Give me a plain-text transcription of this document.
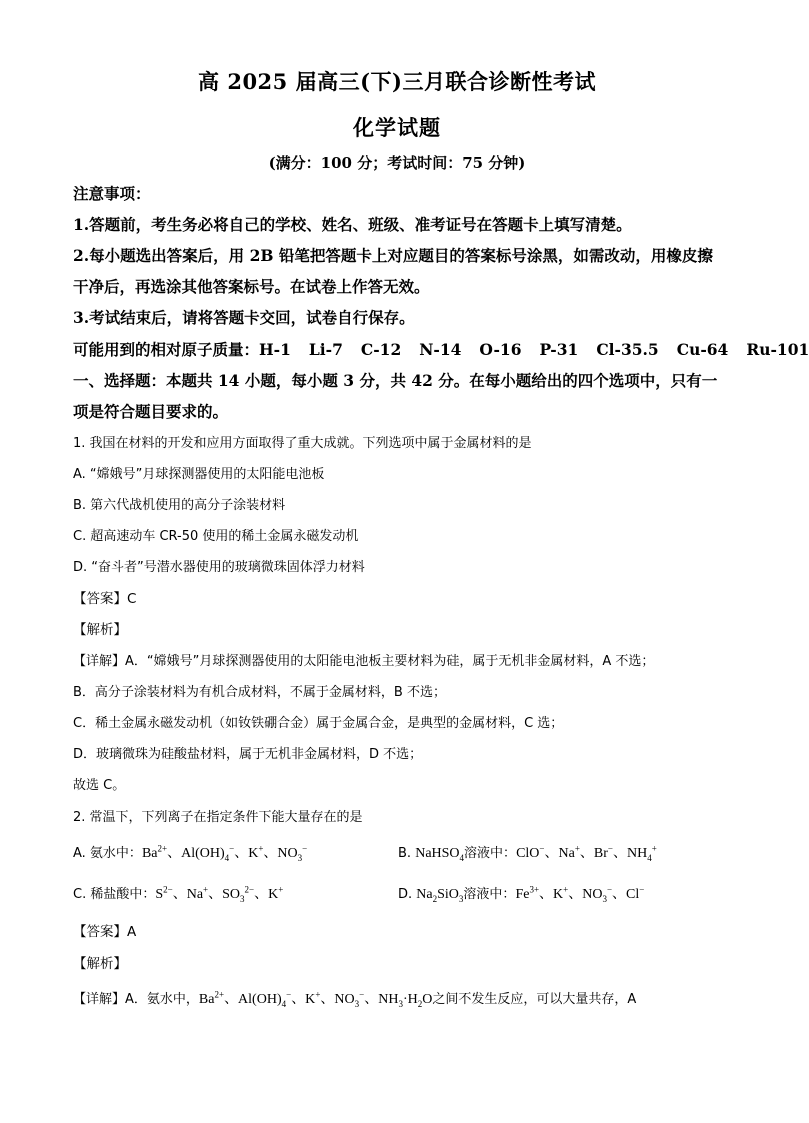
高 2025 届高三(下)三月联合诊断性考试
化学试题
(满分：100 分；考试时间：75 分钟)
注意事项：
1.答题前，考生务必将自己的学校、姓名、班级、准考证号在答题卡上填写清楚。
2.每小题选出答案后，用 2B 铅笔把答题卡上对应题目的答案标号涂黑，如需改动，用橡皮擦
干净后，再选涂其他答案标号。在试卷上作答无效。
3.考试结束后，请将答题卡交回，试卷自行保存。
可能用到的相对原子质量：H-1 Li-7 C-12 N-14 O-16 P-31 Cl-35.5 Cu-64 Ru-101
一、选择题：本题共 14 小题，每小题 3 分，共 42 分。在每小题给出的四个选项中，只有一
项是符合题目要求的。
1. 我国在材料的开发和应用方面取得了重大成就。下列选项中属于金属材料的是
A. “嫦娥号”月球探测器使用的太阳能电池板
B. 第六代战机使用的高分子涂装材料
C. 超高速动车 CR-50 使用的稀土金属永磁发动机
D. “奋斗者”号潜水器使用的玻璃微珠固体浮力材料
【答案】C
【解析】
【详解】A．“嫦娥号”月球探测器使用的太阳能电池板主要材料为硅，属于无机非金属材料，A 不选；
B．高分子涂装材料为有机合成材料，不属于金属材料，B 不选；
C．稀土金属永磁发动机（如钕铁硼合金）属于金属合金，是典型的金属材料，C 选；
D．玻璃微珠为硅酸盐材料，属于无机非金属材料，D 不选；
故选 C。
2. 常温下，下列离子在指定条件下能大量存在的是
A. 氨水中：$Ba^{2+}$、$Al(OH)_4^-$、K+、$NO_3^-$	B. NaHSO$_4$溶液中：ClO−、Na+、Br−、$NH_4^+$
C. 稀盐酸中：$S^{2-}$、Na+、$SO_3^{2-}$、K+	D. $Na_2SiO_3$溶液中：$Fe^{3+}$、K+、$NO_3^-$、Cl−
【答案】A
【解析】
【详解】A．氨水中，$Ba^{2+}$、$Al(OH)_4^-$、K+、$NO_3^-$、$NH_3\cdot H_2O$之间不发生反应，可以大量共存，A
